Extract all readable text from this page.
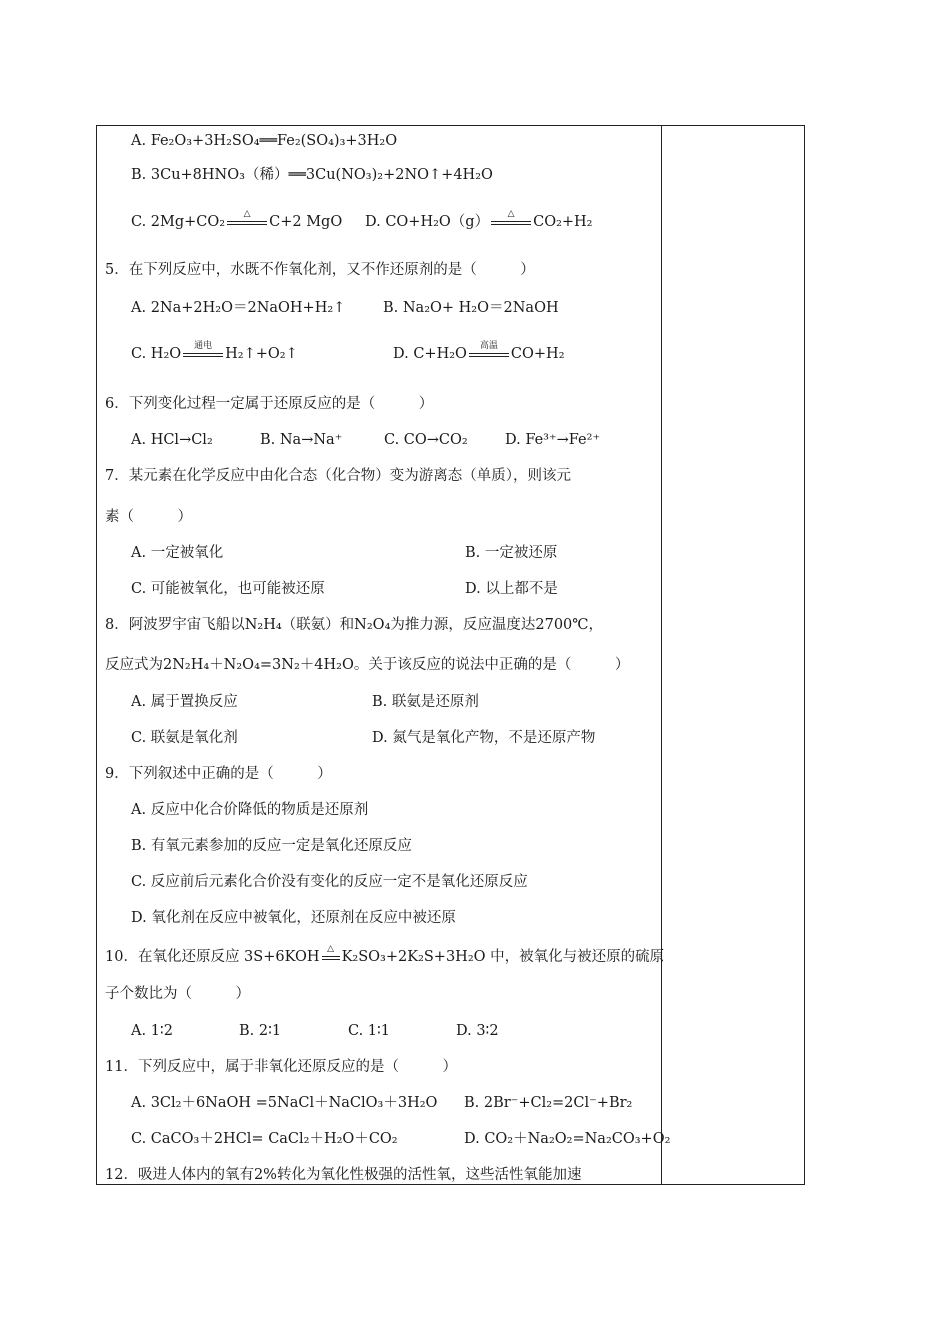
A. Fe₂O₃+3H₂SO₄══Fe₂(SO₄)₃+3H₂O
B. 3Cu+8HNO₃（稀）══3Cu(NO₃)₂+2NO↑+4H₂O
C. 2Mg+CO₂	△	C+2 MgO D. CO+H₂O（g）	△	CO₂+H₂
5．在下列反应中，水既不作氧化剂，又不作还原剂的是（　　　）
A. 2Na+2H₂O＝2NaOH+H₂↑	B. Na₂O+ H₂O＝2NaOH
C. H₂O	通电 H₂↑+O₂↑	D. C+H₂O	高温 CO+H₂
6．下列变化过程一定属于还原反应的是（　　　）
A. HCl→Cl₂	B. Na→Na⁺	C. CO→CO₂	D. Fe³⁺→Fe²⁺
7．某元素在化学反应中由化合态（化合物）变为游离态（单质），则该元
素（　　　）
A. 一定被氧化	B. 一定被还原
C. 可能被氧化，也可能被还原	D. 以上都不是
8．阿波罗宇宙飞船以N₂H₄（联氨）和N₂O₄为推力源，反应温度达2700℃，
反应式为2N₂H₄＋N₂O₄=3N₂＋4H₂O。关于该反应的说法中正确的是（　　　）
A. 属于置换反应	B. 联氨是还原剂
C. 联氨是氧化剂	D. 氮气是氧化产物，不是还原产物
9．下列叙述中正确的是（　　　）
A. 反应中化合价降低的物质是还原剂
B. 有氧元素参加的反应一定是氧化还原反应
C. 反应前后元素化合价没有变化的反应一定不是氧化还原反应
D. 氧化剂在反应中被氧化，还原剂在反应中被还原
10．在氧化还原反应 3S+6KOH △ K₂SO₃+2K₂S+3H₂O 中，被氧化与被还原的硫原
子个数比为（　　　）
A. 1∶2	B. 2∶1	C. 1∶1	D. 3∶2
11．下列反应中，属于非氧化还原反应的是（　　　）
A. 3Cl₂＋6NaOH =5NaCl＋NaClO₃＋3H₂O B. 2Br⁻+Cl₂=2Cl⁻+Br₂
C. CaCO₃＋2HCl= CaCl₂＋H₂O＋CO₂	D. CO₂＋Na₂O₂=Na₂CO₃+O₂
12．吸进人体内的氧有2%转化为氧化性极强的活性氧，这些活性氧能加速
